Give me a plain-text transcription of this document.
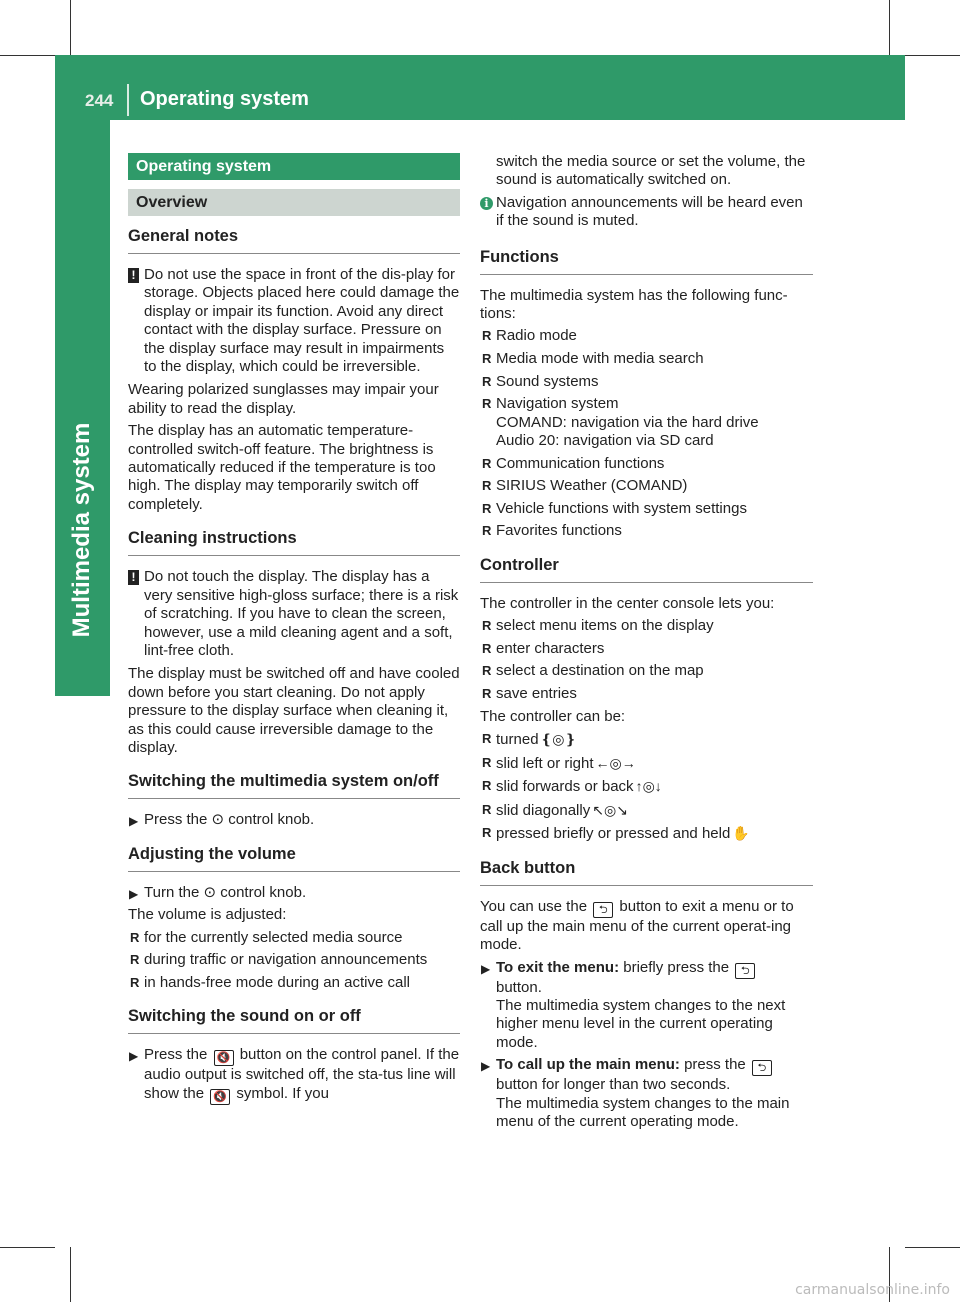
244 Operating system
Multimedia system
Operating system
Overview
General notes
! Do not use the space in front of the dis-play for storage. Objects placed here could damage the display or impair its function. Avoid any direct contact with the display surface. Pressure on the display surface may result in impairments to the display, which could be irreversible.

Wearing polarized sunglasses may impair your ability to read the display.

The display has an automatic temperature-controlled switch-off feature. The brightness is automatically reduced if the temperature is too high. The display may temporarily switch off completely.

Cleaning instructions
! Do not touch the display. The display has a very sensitive high-gloss surface; there is a risk of scratching. If you have to clean the screen, however, use a mild cleaning agent and a soft, lint-free cloth.

The display must be switched off and have cooled down before you start cleaning. Do not apply pressure to the display surface when cleaning it, as this could cause irreversible damage to the display.

Switching the multimedia system on/off
▶ Press the ⊙ control knob.
Adjusting the volume
▶ Turn the ⊙ control knob.

The volume is adjusted:

R for the currently selected media source
R during traffic or navigation announcements
R in hands-free mode during an active call
Switching the sound on or off
▶ Press the 🔇 button on the control panel. If the audio output is switched off, the sta-tus line will show the 🔇 symbol. If you

switch the media source or set the volume, the sound is automatically switched on.

i Navigation announcements will be heard even if the sound is muted.
Functions

The multimedia system has the following func-tions:

R Radio mode
R Media mode with media search
R Sound systems
R Navigation system
COMAND: navigation via the hard drive
Audio 20: navigation via SD card
R Communication functions
R SIRIUS Weather (COMAND)
R Vehicle functions with system settings
R Favorites functions
Controller

The controller in the center console lets you:

R select menu items on the display
R enter characters
R select a destination on the map
R save entries

The controller can be:

R turned ❴◎❵
R slid left or right ←◎→
R slid forwards or back ↑◎↓
R slid diagonally ↖◎↘
R pressed briefly or pressed and held ✋
Back button

You can use the ⮌ button to exit a menu or to call up the main menu of the current operat-ing mode.

▶ To exit the menu: briefly press the ⮌
button.
The multimedia system changes to the next higher menu level in the current operating mode.
▶ To call up the main menu: press the ⮌
button for longer than two seconds.
The multimedia system changes to the main menu of the current operating mode.
carmanualsonline.info
